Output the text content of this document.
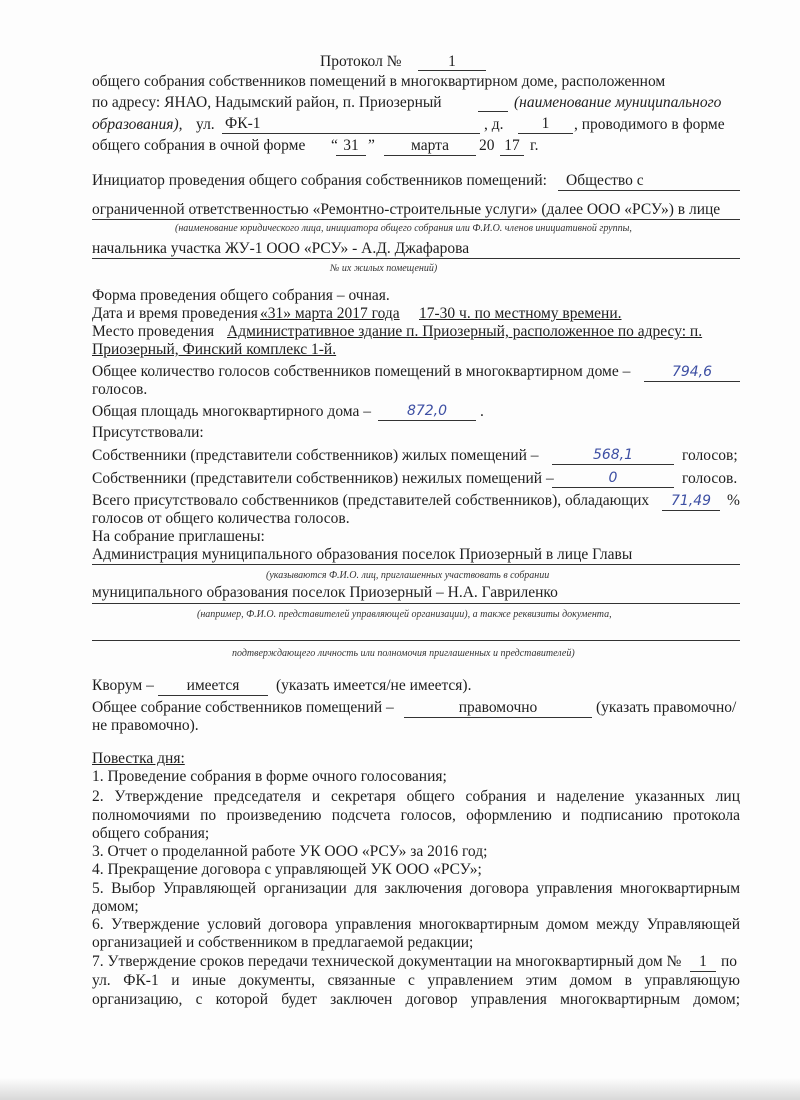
Протокол №	1
общего собрания собственников помещений в многоквартирном доме, расположенном
по адресу: ЯНАО, Надымский район, п. Приозерный	(наименование муниципального
образования), ул. ФК-1	, д.	1	, проводимого в форме
общего собрания в очной форме “ 31 ”	марта	20 17 г.
Инициатор проведения общего собрания собственников помещений: Общество с
ограниченной ответственностью «Ремонтно-строительные услуги» (далее ООО «РСУ») в лице
(наименование юридического лица, инициатора общего собрания или Ф.И.О. членов инициативной группы,
начальника участка ЖУ-1 ООО «РСУ» - А.Д. Джафарова
№ их жилых помещений)
Форма проведения общего собрания – очная.
Дата и время проведения «31» марта 2017 года 17-30 ч. по местному времени.
Место проведения Административное здание п. Приозерный, расположенное по адресу: п.
Приозерный, Финский комплекс 1-й.
Общее количество голосов собственников помещений в многоквартирном доме –	794,6
голосов.
Общая площадь многоквартирного дома –	872,0	.
Присутствовали:
Собственники (представители собственников) жилых помещений –	568,1	голосов;
Собственники (представители собственников) нежилых помещений –	0	голосов.
Всего присутствовало собственников (представителей собственников), обладающих	71,49	%
голосов от общего количества голосов.
На собрание приглашены:
Администрация муниципального образования поселок Приозерный в лице Главы
(указываются Ф.И.О. лиц, приглашенных участвовать в собрании
муниципального образования поселок Приозерный – Н.А. Гавриленко
(например, Ф.И.О. представителей управляющей организации), а также реквизиты документа,
подтверждающего личность или полномочия приглашенных и представителей)
Кворум –	имеется	(указать имеется/не имеется).
Общее собрание собственников помещений –	правомочно	(указать правомочно/
не правомочно).
Повестка дня:
1. Проведение собрания в форме очного голосования;
2. Утверждение председателя и секретаря общего собрания и наделение указанных лиц
полномочиями по произведению подсчета голосов, оформлению и подписанию протокола
общего собрания;
3. Отчет о проделанной работе УК ООО «РСУ» за 2016 год;
4. Прекращение договора с управляющей УК ООО «РСУ»;
5. Выбор Управляющей организации для заключения договора управления многоквартирным
домом;
6. Утверждение условий договора управления многоквартирным домом между Управляющей
организацией и собственником в предлагаемой редакции;
7. Утверждение сроков передачи технической документации на многоквартирный дом №	1 по
ул. ФК-1 и иные документы, связанные с управлением этим домом в управляющую
организацию, с которой будет заключен договор управления многоквартирным домом;
